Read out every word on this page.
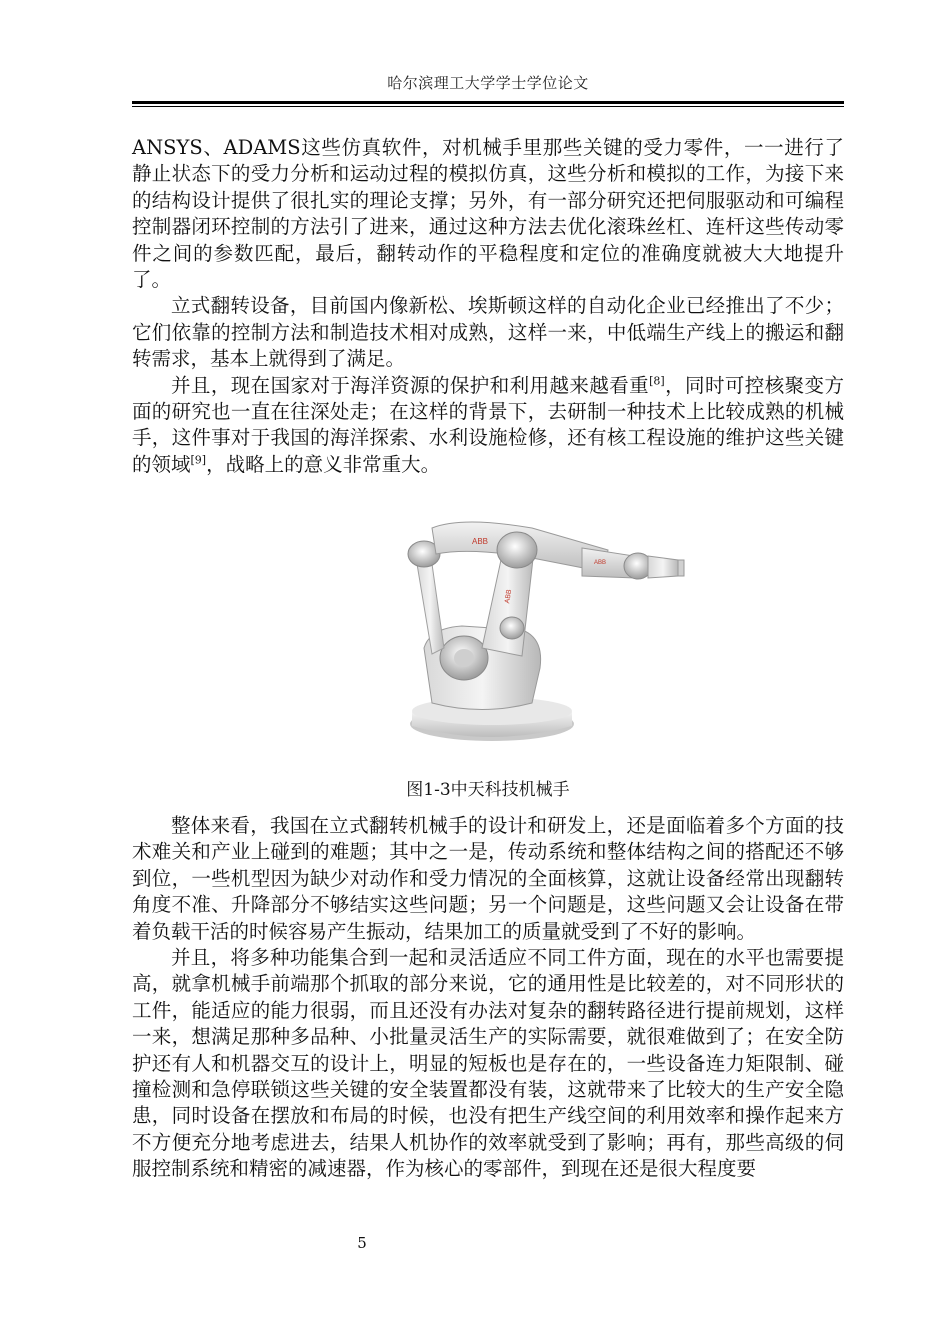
哈尔滨理工大学学士学位论文

ANSYS、ADAMS这些仿真软件，对机械手里那些关键的受力零件，一一进行了静止状态下的受力分析和运动过程的模拟仿真，这些分析和模拟的工作，为接下来的结构设计提供了很扎实的理论支撑；另外，有一部分研究还把伺服驱动和可编程控制器闭环控制的方法引了进来，通过这种方法去优化滚珠丝杠、连杆这些传动零件之间的参数匹配，最后，翻转动作的平稳程度和定位的准确度就被大大地提升了。

立式翻转设备，目前国内像新松、埃斯顿这样的自动化企业已经推出了不少；它们依靠的控制方法和制造技术相对成熟，这样一来，中低端生产线上的搬运和翻转需求，基本上就得到了满足。

并且，现在国家对于海洋资源的保护和利用越来越看重[8]，同时可控核聚变方面的研究也一直在往深处走；在这样的背景下，去研制一种技术上比较成熟的机械手，这件事对于我国的海洋探索、水利设施检修，还有核工程设施的维护这些关键的领域[9]，战略上的意义非常重大。

ABB
ABB
ABB
图1-3中天科技机械手

整体来看，我国在立式翻转机械手的设计和研发上，还是面临着多个方面的技术难关和产业上碰到的难题；其中之一是，传动系统和整体结构之间的搭配还不够到位，一些机型因为缺少对动作和受力情况的全面核算，这就让设备经常出现翻转角度不准、升降部分不够结实这些问题；另一个问题是，这些问题又会让设备在带着负载干活的时候容易产生振动，结果加工的质量就受到了不好的影响。

并且，将多种功能集合到一起和灵活适应不同工件方面，现在的水平也需要提高，就拿机械手前端那个抓取的部分来说，它的通用性是比较差的，对不同形状的工件，能适应的能力很弱，而且还没有办法对复杂的翻转路径进行提前规划，这样一来，想满足那种多品种、小批量灵活生产的实际需要，就很难做到了；在安全防护还有人和机器交互的设计上，明显的短板也是存在的，一些设备连力矩限制、碰撞检测和急停联锁这些关键的安全装置都没有装，这就带来了比较大的生产安全隐患，同时设备在摆放和布局的时候，也没有把生产线空间的利用效率和操作起来方不方便充分地考虑进去，结果人机协作的效率就受到了影响；再有，那些高级的伺服控制系统和精密的减速器，作为核心的零部件，到现在还是很大程度要

5
